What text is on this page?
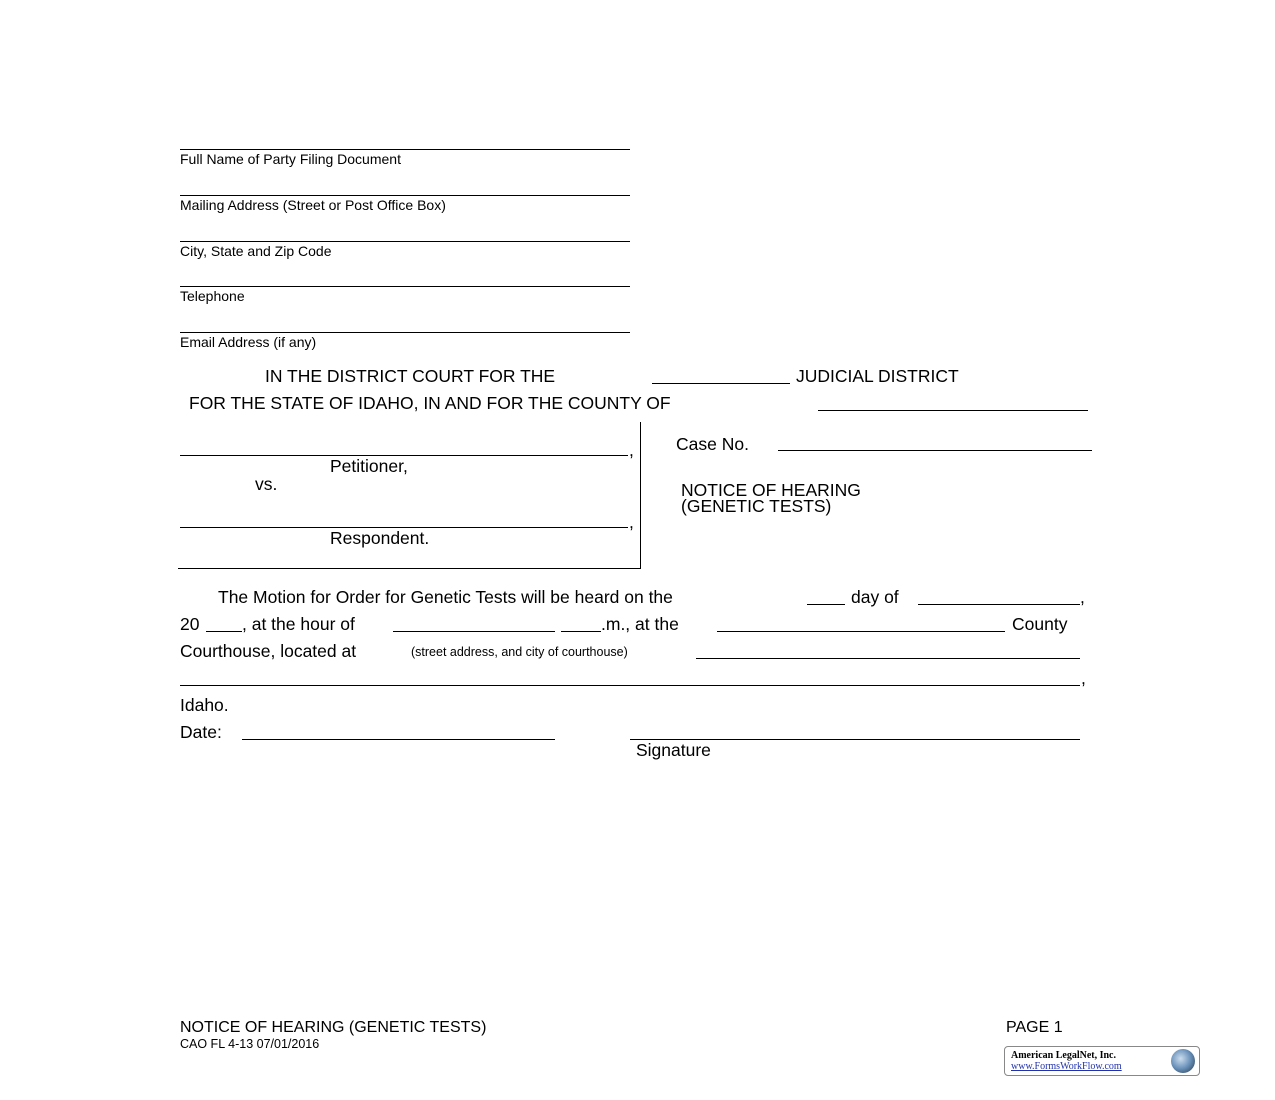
Full Name of Party Filing Document
Mailing Address (Street or Post Office Box)
City, State and Zip Code
Telephone
Email Address (if any)
IN THE DISTRICT COURT FOR THE	JUDICIAL DISTRICT
FOR THE STATE OF IDAHO, IN AND FOR THE COUNTY OF
,
Petitioner,
vs.
,
Respondent.
Case No.
NOTICE OF HEARING
(GENETIC TESTS)
The Motion for Order for Genetic Tests will be heard on the	day of	,
20 , at the hour of	.m., at the	County
Courthouse, located at	(street address, and city of courthouse)
,
Idaho.
Date:
Signature
NOTICE OF HEARING (GENETIC TESTS)
CAO FL 4-13 07/01/2016
PAGE 1
American LegalNet, Inc.
www.FormsWorkFlow.com
